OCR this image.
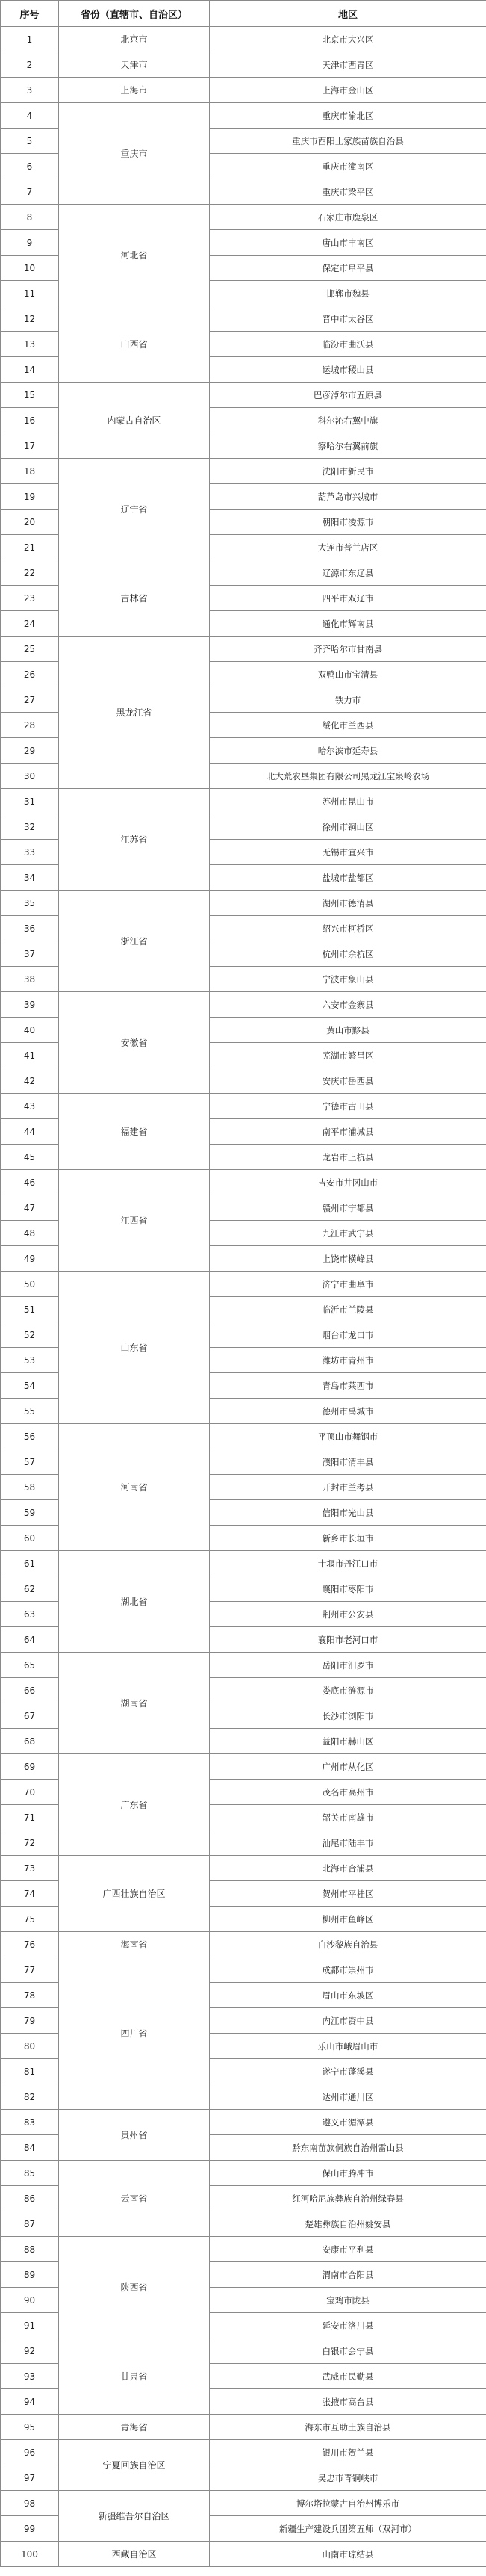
序号	省份（直辖市、自治区）	地区
1	北京市	北京市大兴区
2	天津市	天津市西青区
3	上海市	上海市金山区
4	重庆市	重庆市渝北区
5		重庆市酉阳土家族苗族自治县
6		重庆市潼南区
7		重庆市梁平区
8	河北省	石家庄市鹿泉区
9		唐山市丰南区
10		保定市阜平县
11		邯郸市魏县
12	山西省	晋中市太谷区
13		临汾市曲沃县
14		运城市稷山县
15	内蒙古自治区	巴彦淖尔市五原县
16		科尔沁右翼中旗
17		察哈尔右翼前旗
18	辽宁省	沈阳市新民市
19		葫芦岛市兴城市
20		朝阳市凌源市
21		大连市普兰店区
22	吉林省	辽源市东辽县
23		四平市双辽市
24		通化市辉南县
25	黑龙江省	齐齐哈尔市甘南县
26		双鸭山市宝清县
27		铁力市
28		绥化市兰西县
29		哈尔滨市延寿县
30		北大荒农垦集团有限公司黑龙江宝泉岭农场
31	江苏省	苏州市昆山市
32		徐州市铜山区
33		无锡市宜兴市
34		盐城市盐都区
35	浙江省	湖州市德清县
36		绍兴市柯桥区
37		杭州市余杭区
38		宁波市象山县
39	安徽省	六安市金寨县
40		黄山市黟县
41		芜湖市繁昌区
42		安庆市岳西县
43	福建省	宁德市古田县
44		南平市浦城县
45		龙岩市上杭县
46	江西省	吉安市井冈山市
47		赣州市宁都县
48		九江市武宁县
49		上饶市横峰县
50	山东省	济宁市曲阜市
51		临沂市兰陵县
52		烟台市龙口市
53		潍坊市青州市
54		青岛市莱西市
55		德州市禹城市
56	河南省	平顶山市舞钢市
57		濮阳市清丰县
58		开封市兰考县
59		信阳市光山县
60		新乡市长垣市
61	湖北省	十堰市丹江口市
62		襄阳市枣阳市
63		荆州市公安县
64		襄阳市老河口市
65	湖南省	岳阳市汨罗市
66		娄底市涟源市
67		长沙市浏阳市
68		益阳市赫山区
69	广东省	广州市从化区
70		茂名市高州市
71		韶关市南雄市
72		汕尾市陆丰市
73	广西壮族自治区	北海市合浦县
74		贺州市平桂区
75		柳州市鱼峰区
76	海南省	白沙黎族自治县
77	四川省	成都市崇州市
78		眉山市东坡区
79		内江市资中县
80		乐山市峨眉山市
81		遂宁市蓬溪县
82		达州市通川区
83	贵州省	遵义市湄潭县
84		黔东南苗族侗族自治州雷山县
85	云南省	保山市腾冲市
86		红河哈尼族彝族自治州绿春县
87		楚雄彝族自治州姚安县
88	陕西省	安康市平利县
89		渭南市合阳县
90		宝鸡市陇县
91		延安市洛川县
92	甘肃省	白银市会宁县
93		武威市民勤县
94		张掖市高台县
95	青海省	海东市互助土族自治县
96	宁夏回族自治区	银川市贺兰县
97		吴忠市青铜峡市
98	新疆维吾尔自治区	博尔塔拉蒙古自治州博乐市
99		新疆生产建设兵团第五师（双河市）
100	西藏自治区	山南市琼结县
